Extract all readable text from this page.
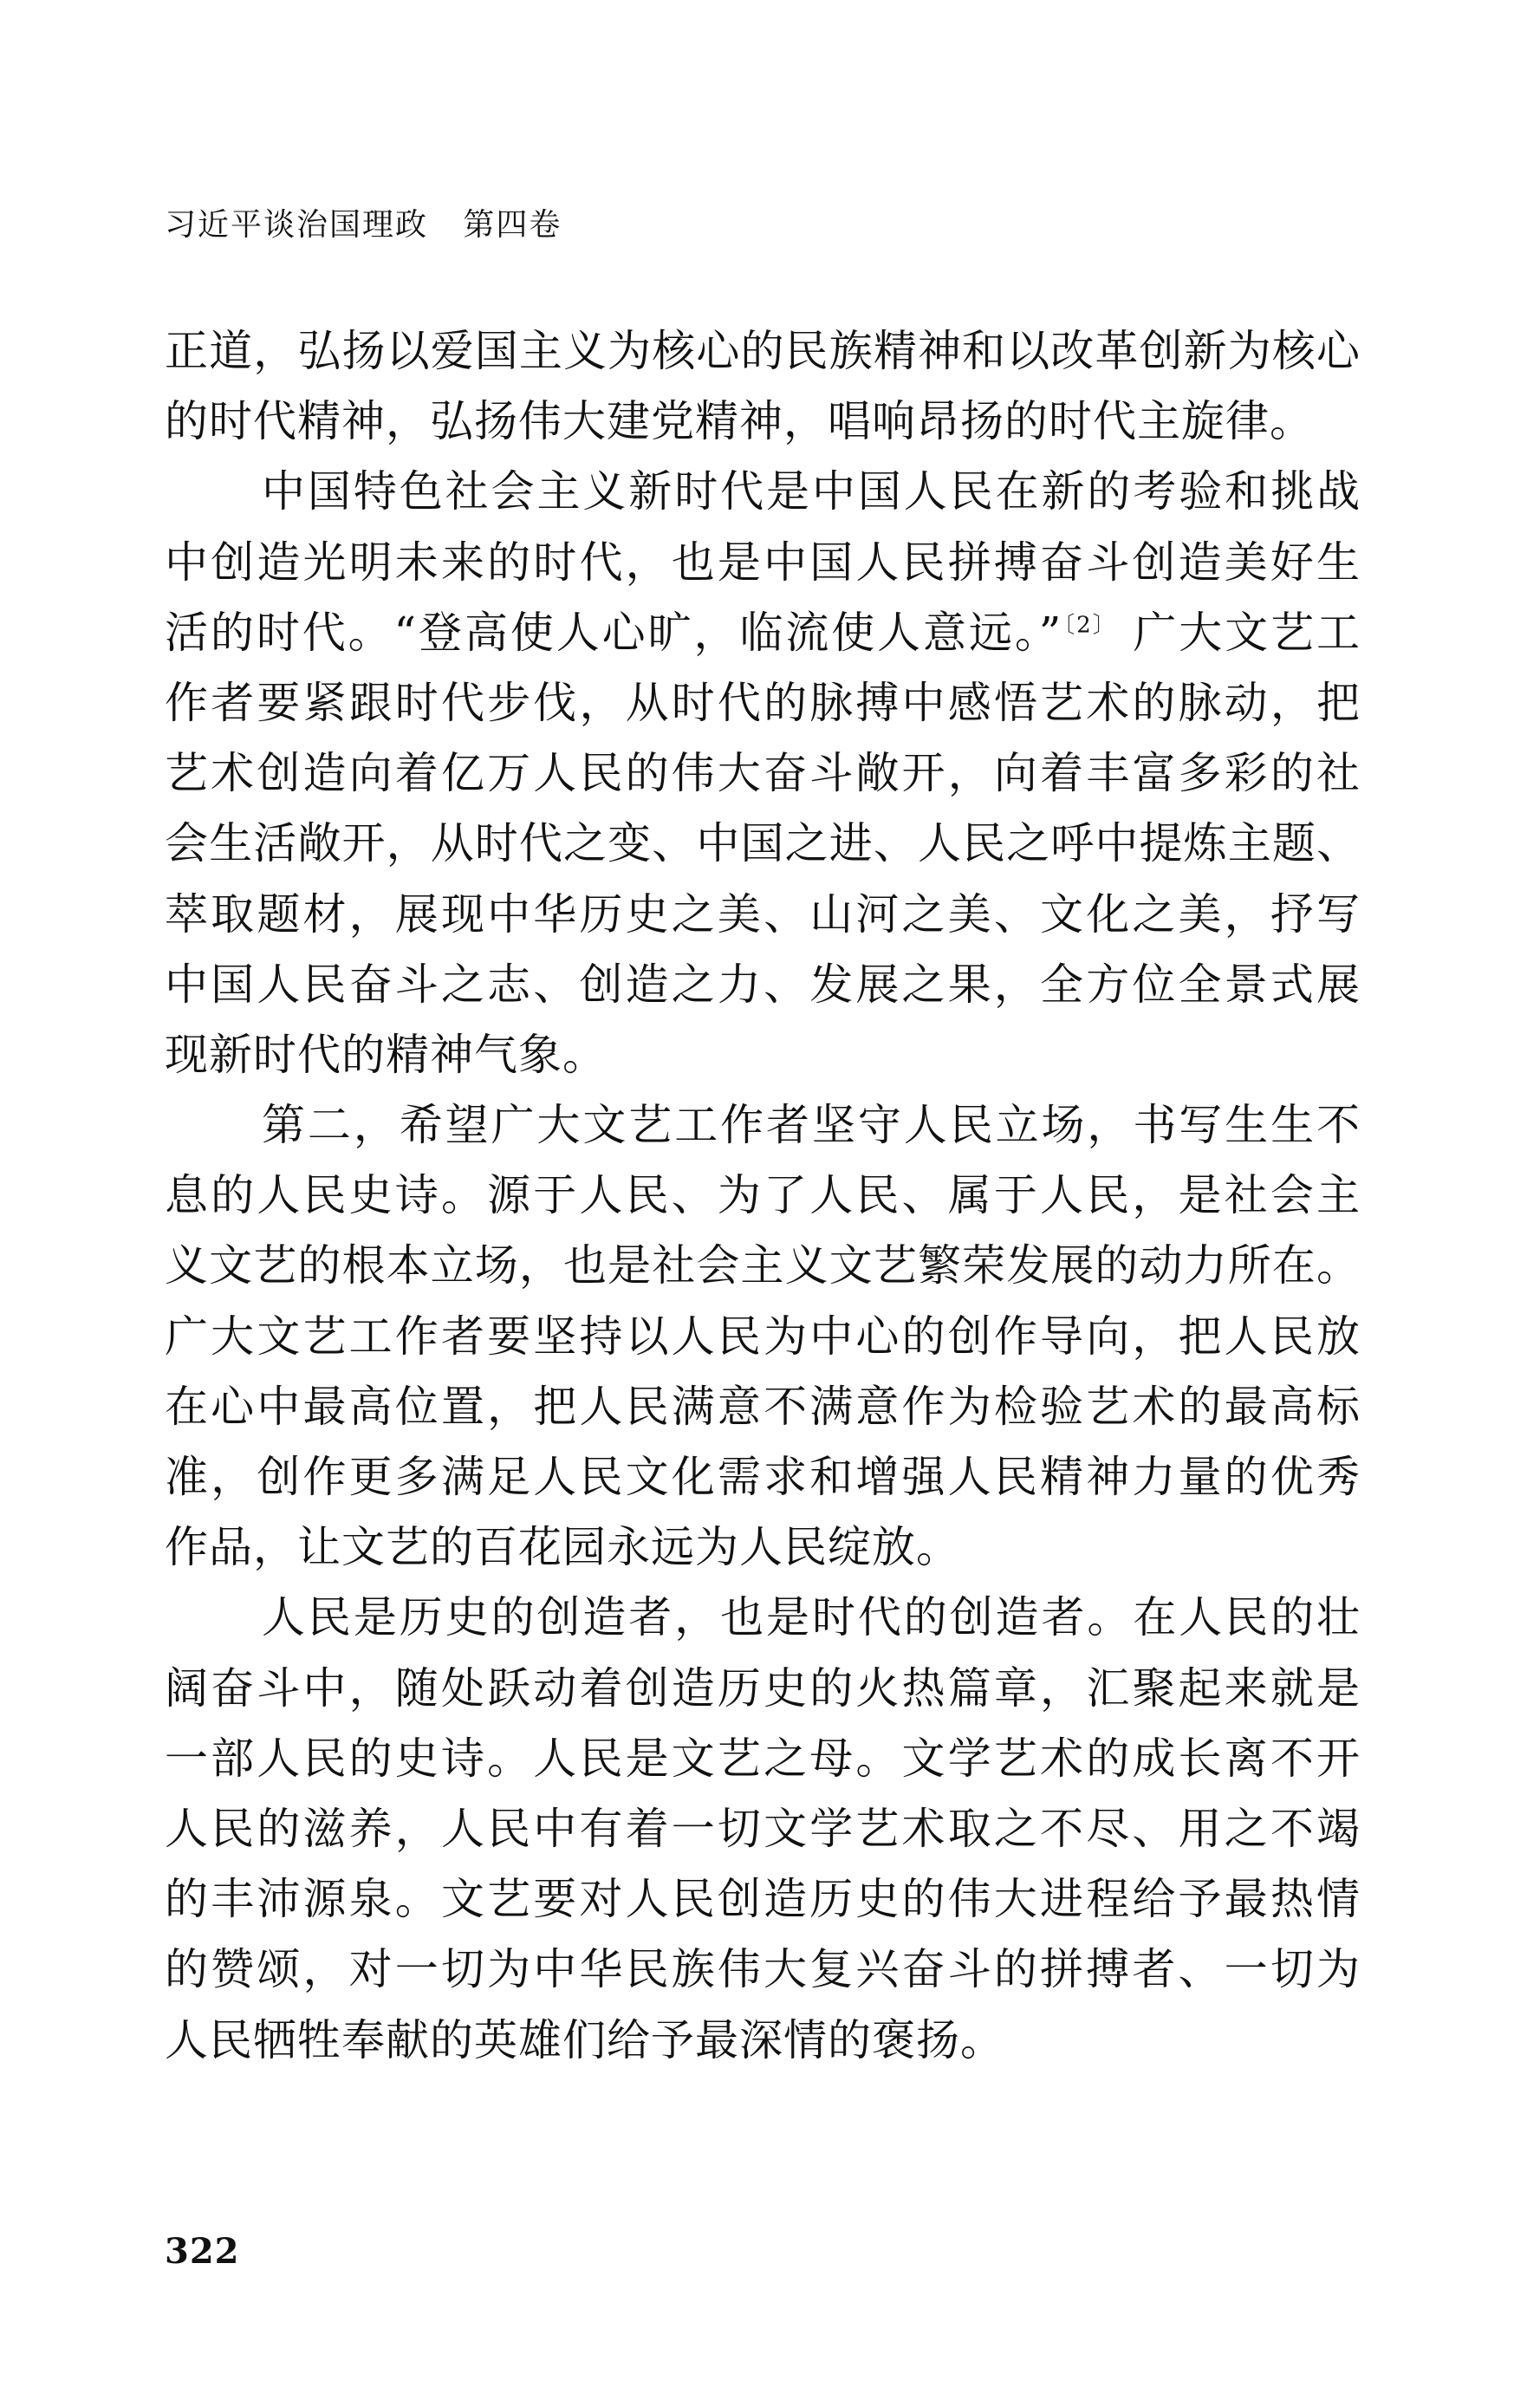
习近平谈治国理政 第四卷
正道，弘扬以爱国主义为核心的民族精神和以改革创新为核心
的时代精神，弘扬伟大建党精神，唱响昂扬的时代主旋律。
中国特色社会主义新时代是中国人民在新的考验和挑战
中创造光明未来的时代，也是中国人民拼搏奋斗创造美好生
活的时代。“登高使人心旷，临流使人意远。”$^{〔2〕}$ 广大文艺工
作者要紧跟时代步伐，从时代的脉搏中感悟艺术的脉动，把
艺术创造向着亿万人民的伟大奋斗敞开，向着丰富多彩的社
会生活敞开，从时代之变、中国之进、人民之呼中提炼主题、
萃取题材，展现中华历史之美、山河之美、文化之美，抒写
中国人民奋斗之志、创造之力、发展之果，全方位全景式展
现新时代的精神气象。
第二，希望广大文艺工作者坚守人民立场，书写生生不
息的人民史诗。源于人民、为了人民、属于人民，是社会主
义文艺的根本立场，也是社会主义文艺繁荣发展的动力所在。
广大文艺工作者要坚持以人民为中心的创作导向，把人民放
在心中最高位置，把人民满意不满意作为检验艺术的最高标
准，创作更多满足人民文化需求和增强人民精神力量的优秀
作品，让文艺的百花园永远为人民绽放。
人民是历史的创造者，也是时代的创造者。在人民的壮
阔奋斗中，随处跃动着创造历史的火热篇章，汇聚起来就是
一部人民的史诗。人民是文艺之母。文学艺术的成长离不开
人民的滋养，人民中有着一切文学艺术取之不尽、用之不竭
的丰沛源泉。文艺要对人民创造历史的伟大进程给予最热情
的赞颂，对一切为中华民族伟大复兴奋斗的拼搏者、一切为
人民牺牲奉献的英雄们给予最深情的褒扬。
322
